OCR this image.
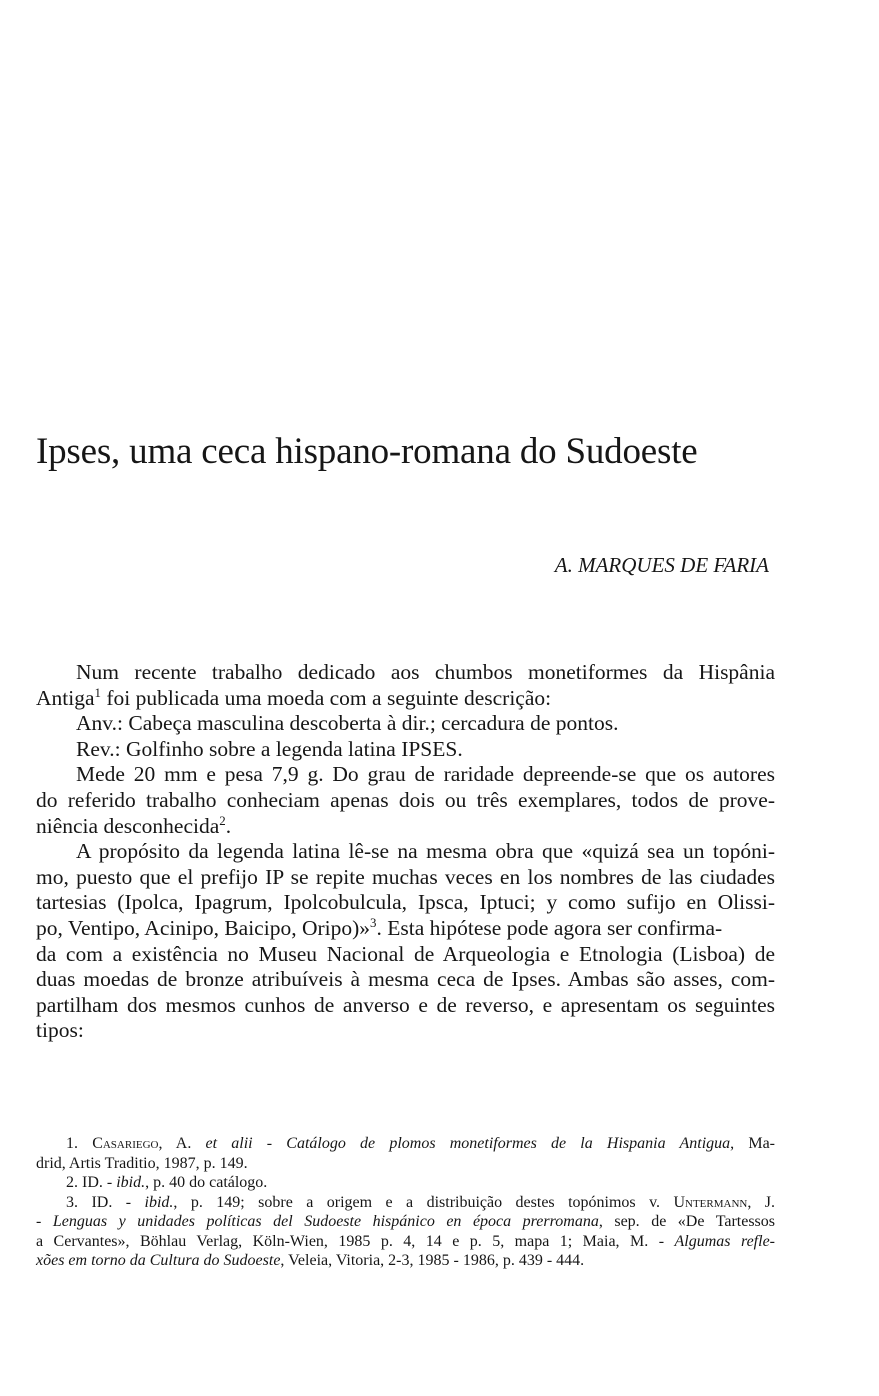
Ipses, uma ceca hispano-romana do Sudoeste
A. MARQUES DE FARIA
Num recente trabalho dedicado aos chumbos monetiformes da Hispânia
Antiga$^1$ foi publicada uma moeda com a seguinte descrição:
Anv.: Cabeça masculina descoberta à dir.; cercadura de pontos.
Rev.: Golfinho sobre a legenda latina IPSES.
Mede 20 mm e pesa 7,9 g. Do grau de raridade depreende-se que os autores
do referido trabalho conheciam apenas dois ou três exemplares, todos de prove-
niência desconhecida$^2$.
A propósito da legenda latina lê-se na mesma obra que «quizá sea un topóni-
mo, puesto que el prefijo IP se repite muchas veces en los nombres de las ciudades
tartesias (Ipolca, Ipagrum, Ipolcobulcula, Ipsca, Iptuci; y como sufijo en Olissi-
po, Ventipo, Acinipo, Baicipo, Oripo)»$^3$. Esta hipótese pode agora ser confirma-
da com a existência no Museu Nacional de Arqueologia e Etnologia (Lisboa) de
duas moedas de bronze atribuíveis à mesma ceca de Ipses. Ambas são asses, com-
partilham dos mesmos cunhos de anverso e de reverso, e apresentam os seguintes
tipos:
1. Casariego, A. et alii - Catálogo de plomos monetiformes de la Hispania Antigua, Ma-
drid, Artis Traditio, 1987, p. 149.
2. ID. - ibid., p. 40 do catálogo.
3. ID. - ibid., p. 149; sobre a origem e a distribuição destes topónimos v. Untermann, J.
- Lenguas y unidades políticas del Sudoeste hispánico en época prerromana, sep. de «De Tartessos
a Cervantes», Böhlau Verlag, Köln-Wien, 1985 p. 4, 14 e p. 5, mapa 1; Maia, M. - Algumas refle-
xões em torno da Cultura do Sudoeste, Veleia, Vitoria, 2-3, 1985 - 1986, p. 439 - 444.
